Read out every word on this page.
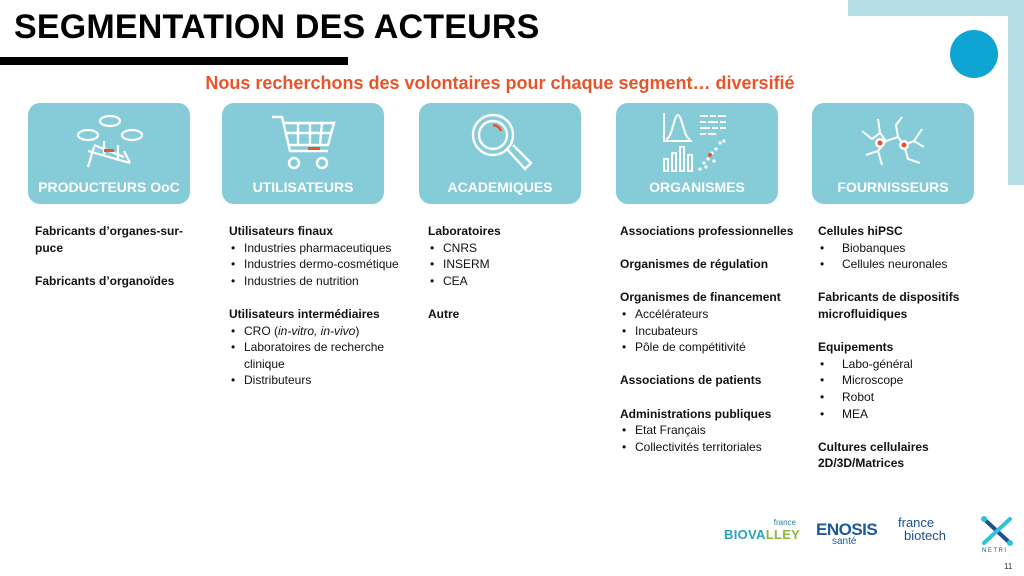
SEGMENTATION DES ACTEURS
Nous recherchons des volontaires pour chaque segment… diversifié
PRODUCTEURS OoC	UTILISATEURS	ACADEMIQUES	ORGANISMES	FOURNISSEURS
Fabricants d’organes-sur-puce
Fabricants d’organoïdes
Utilisateurs finaux
• Industries pharmaceutiques
• Industries dermo-cosmétique
• Industries de nutrition
Utilisateurs intermédiaires
• CRO (in-vitro, in-vivo)
• Laboratoires de recherche clinique
• Distributeurs
Laboratoires
• CNRS
• INSERM
• CEA
Autre
Associations professionnelles
Organismes de régulation
Organismes de financement
• Accélérateurs
• Incubateurs
• Pôle de compétitivité
Associations de patients
Administrations publiques
• Etat Français
• Collectivités territoriales
Cellules hiPSC
• Biobanques
• Cellules neuronales
Fabricants de dispositifs microfluidiques
Equipements
• Labo-général
• Microscope
• Robot
• MEA
Cultures cellulaires 2D/3D/Matrices
france
BIOVALLEY ENOSIS
santé
france
biotech
NETRI
11
